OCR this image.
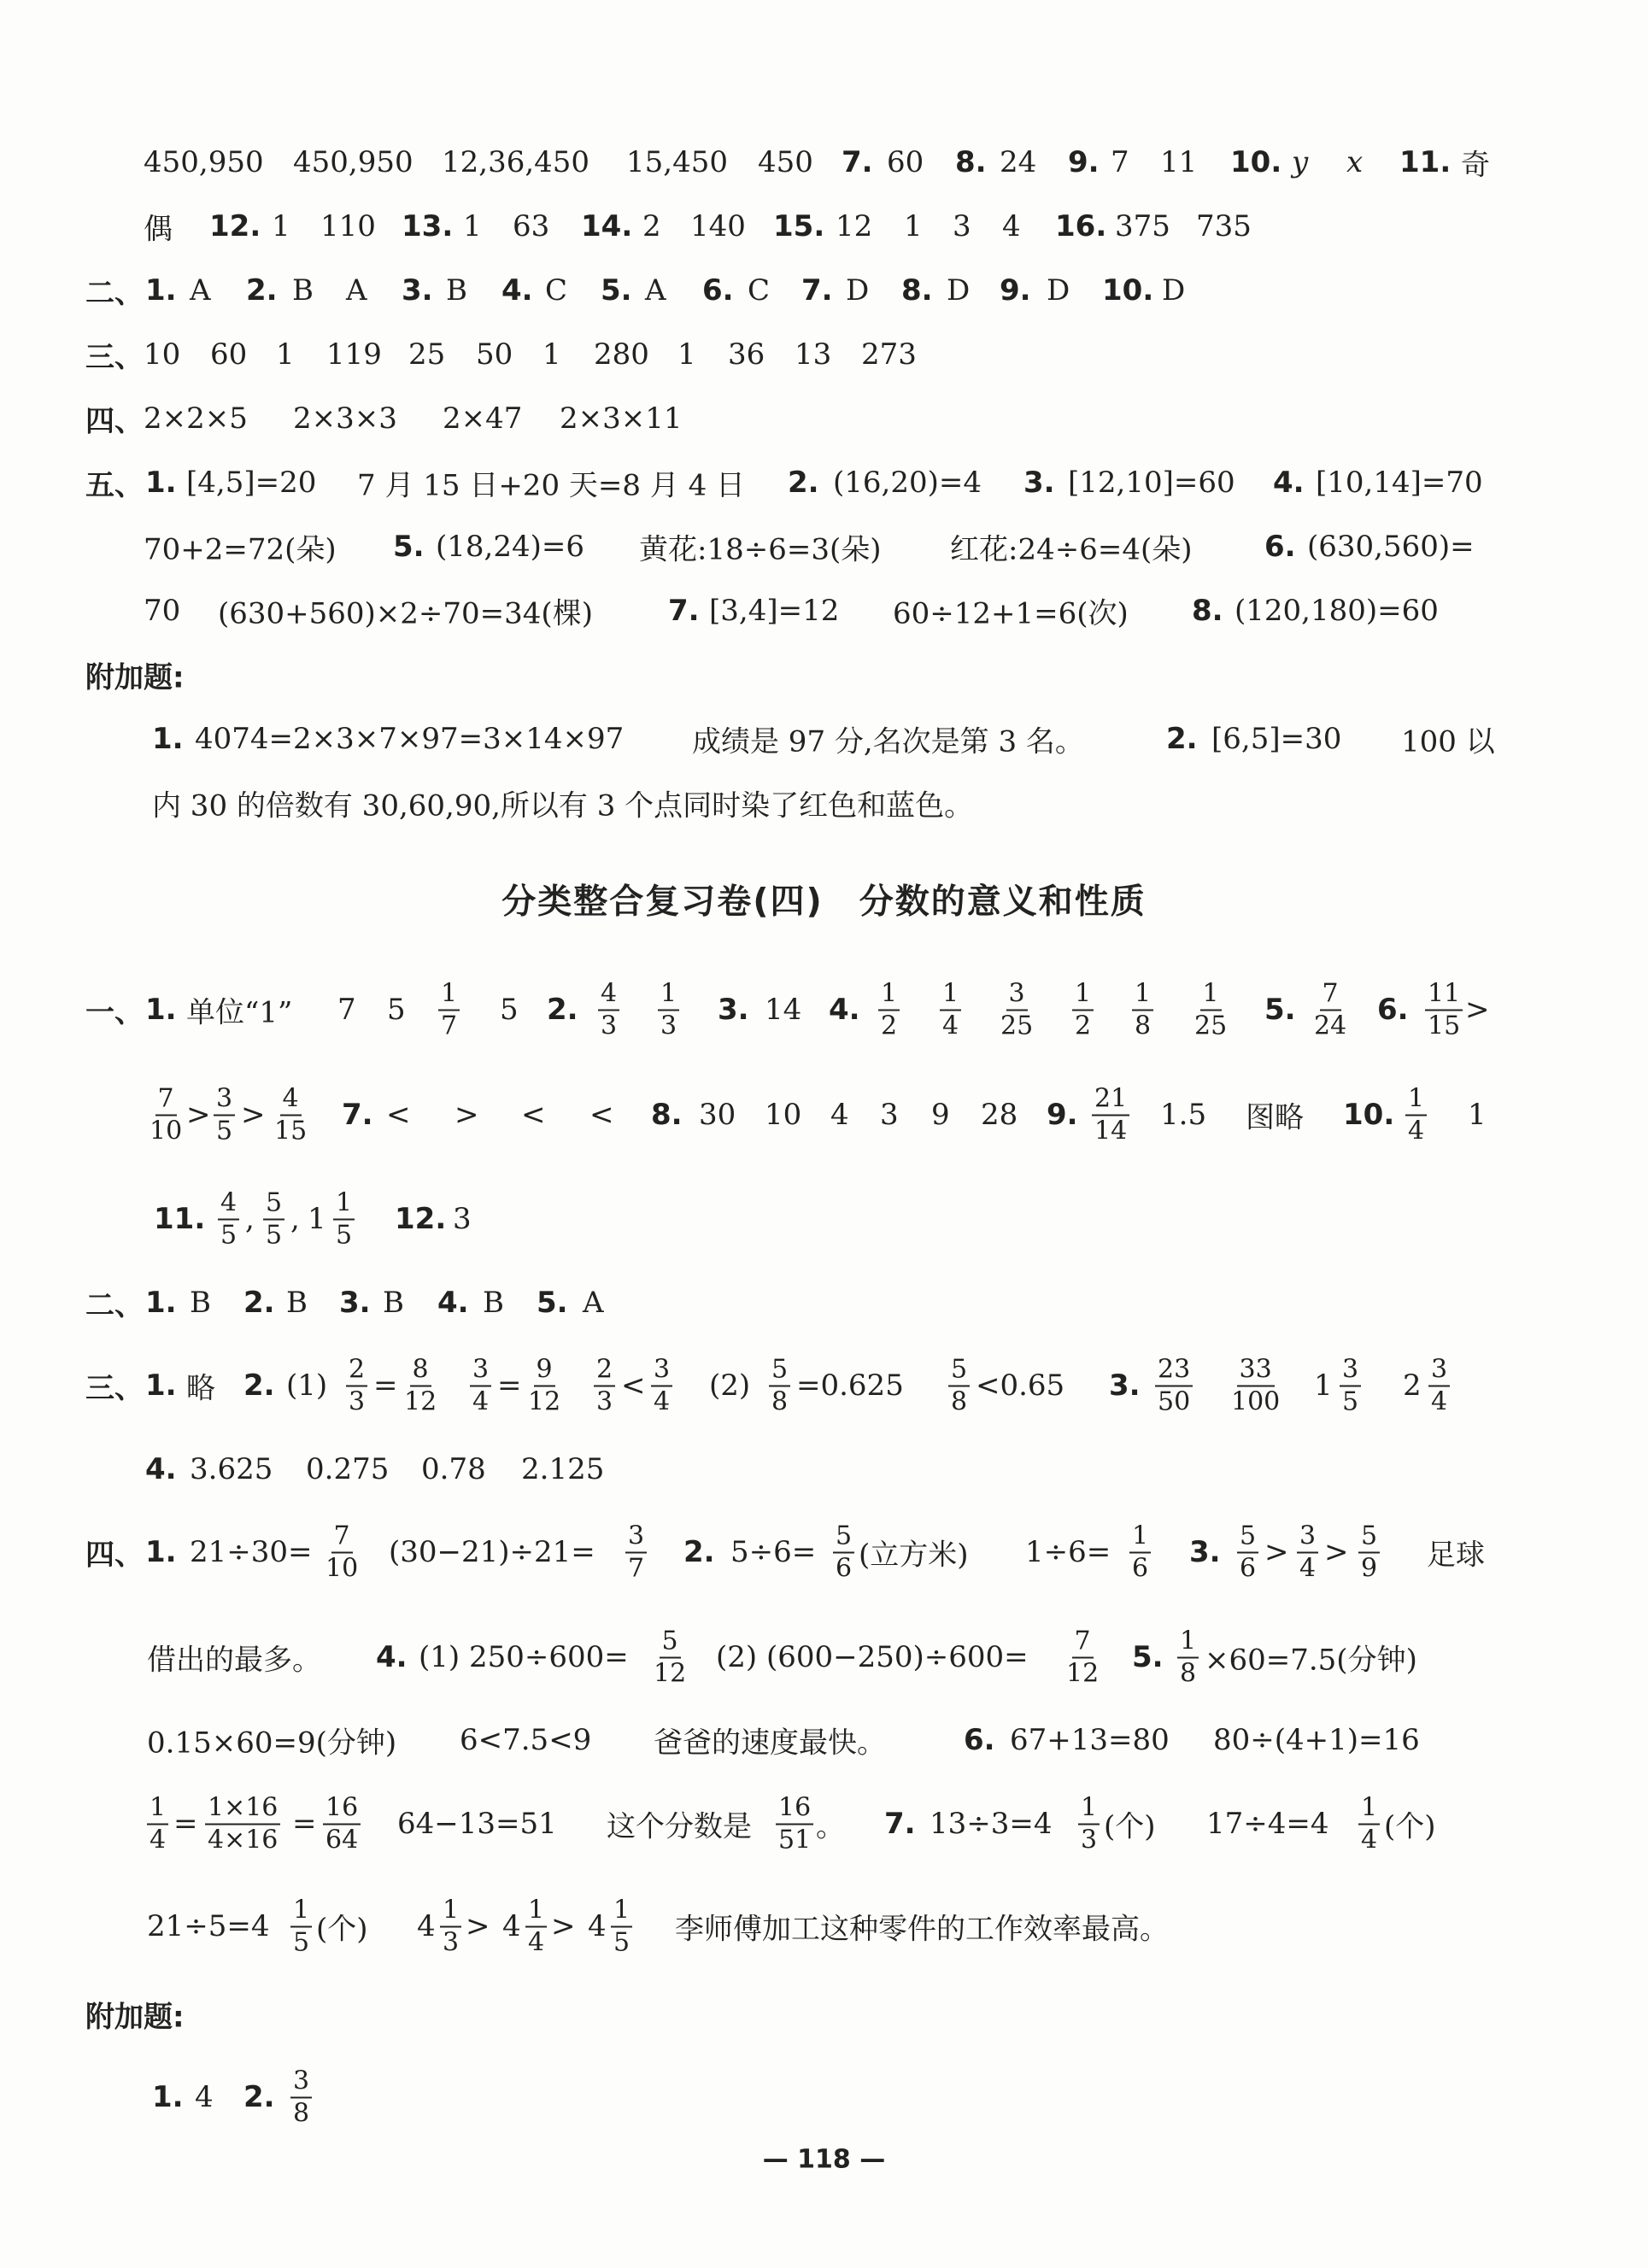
450,950 450,950 12,36,450 15,450 450 7. 60 8. 24 9. 7 11 10. y x 11. 奇
偶 12. 1 110 13. 1 63 14. 2 140 15. 12 1 3 4 16. 375 735
二、 1. A 2. B A 3. B 4. C 5. A 6. C 7. D 8. D 9. D 10. D
三、 10 60 1 119 25 50 1 280 1 36 13 273
四、 2×2×5 2×3×3 2×47 2×3×11
五、 1. [4,5]=20 7 月 15 日+20 天=8 月 4 日 2. (16,20)=4 3. [12,10]=60 4. [10,14]=70
70+2=72(朵) 5. (18,24)=6 黄花:18÷6=3(朵) 红花:24÷6=4(朵) 6. (630,560)=
70 (630+560)×2÷70=34(棵)	7. [3,4]=12 60÷12+1=6(次) 8. (120,180)=60
附加题:
1. 4074=2×3×7×97=3×14×97 成绩是 97 分,名次是第 3 名。	2. [6,5]=30 100 以
内 30 的倍数有 30,60,90,所以有 3 个点同时染了红色和蓝色。
分类整合复习卷(四)　分数的意义和性质
一、 1. 单位“1” 7 $5 \frac{1}{7} 5$ 2. $\frac{4}{3} \frac{1}{3} 3$. 14 4. $\frac{1}{2} \frac{1}{4} \frac{3}{25} \frac{1}{2} \frac{1}{8} \frac{1}{25} 5$. $\frac{7}{24} 6$. $\frac{11}{15}$ >
$\frac{7}{10} > \frac{3}{5} > \frac{4}{15} 7$. < > < < 8. 30 10 4 3 9 28 9. $\frac{21}{14} 1.5$ 图略 10. $\frac{1}{4} 1$
11. $\frac{4}{5}$ , $\frac{5}{5}$ , $1 \frac{1}{5} 12$. 3
二、 1. B 2. B 3. B 4. B 5. A
三、 1. 略 2. $(1) \frac{2}{3} = \frac{8}{12} \frac{3}{4} = \frac{9}{12} \frac{2}{3} < \frac{3}{4} (2) \frac{5}{8} =0.625 \frac{5}{8} <0.65$ 3. $\frac{23}{50} \frac{33}{100} 1 \frac{3}{5} 2 \frac{3}{4}$
4. 3.625 0.275 0.78 2.125
四、 1. $21\div 30= \frac{7}{10} (30-21)\div 21= \frac{3}{7} 2$. $5\div 6= \frac{5}{6}$ (立方米) $1\div 6= \frac{1}{6} 3$. $\frac{5}{6} > \frac{3}{4} > \frac{5}{9}$ 足球
借出的最多。 4. (1) $250\div 600= \frac{5}{12} (2)$ $(600-250)\div 600= \frac{7}{12} 5$. $\frac{1}{8} \times 60=7.5$(分钟)
0.15×60=9(分钟) 6<7.5<9 爸爸的速度最快。	6. 67+13=80 80÷(4+1)=16
$\frac{1}{4} = \frac{1\times 16}{4\times 16} = \frac{16}{64} 64-13=51$ 这个分数是 $\frac{16}{51}$ 。 7. $13\div 3=4 \frac{1}{3}$ (个) $17\div 4=4 \frac{1}{4}$ (个)
$21\div 5=4 \frac{1}{5}$ (个) $4 \frac{1}{3} > 4 \frac{1}{4} > 4 \frac{1}{5}$ 李师傅加工这种零件的工作效率最高。
附加题:
1. 4 2. $\frac{3}{8}$
— 118 —
